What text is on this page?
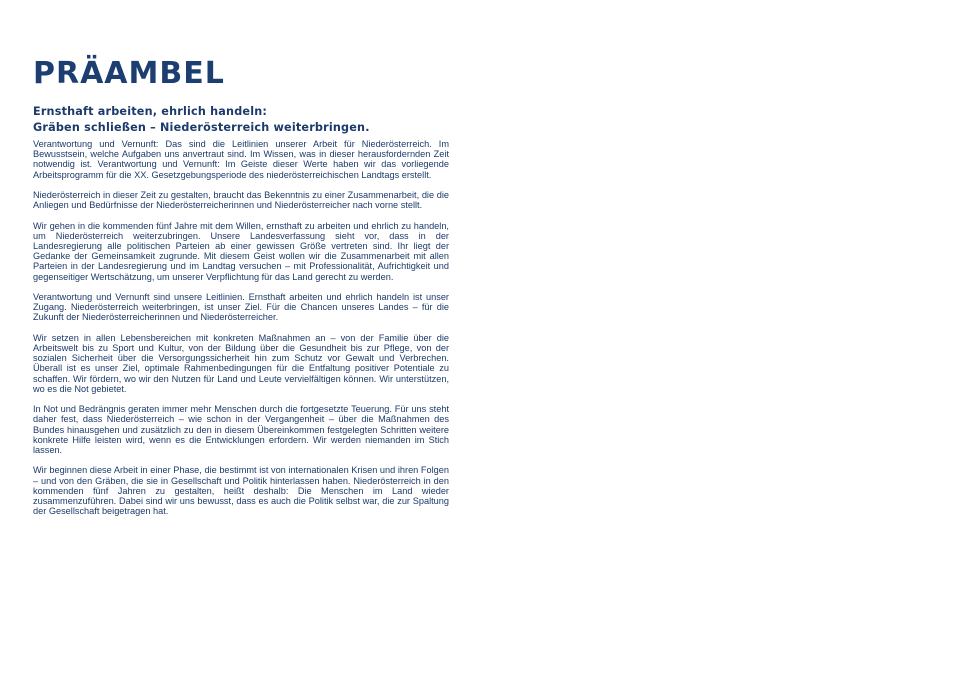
PRÄAMBEL

Ernsthaft arbeiten, ehrlich handeln:

Gräben schließen – Niederösterreich weiterbringen.

Verantwortung und Vernunft: Das sind die Leitlinien unserer Arbeit für Niederösterreich. Im Bewusstsein, welche Aufgaben uns anvertraut sind. Im Wissen, was in dieser herausfordernden Zeit notwendig ist. Verantwortung und Vernunft: Im Geiste dieser Werte haben wir das vorliegende Arbeitsprogramm für die XX. Gesetzgebungsperiode des niederösterreichischen Landtags erstellt.

Niederösterreich in dieser Zeit zu gestalten, braucht das Bekenntnis zu einer Zusammenarbeit, die die Anliegen und Bedürfnisse der Niederösterreicherinnen und Niederösterreicher nach vorne stellt.

Wir gehen in die kommenden fünf Jahre mit dem Willen, ernsthaft zu arbeiten und ehrlich zu handeln, um Niederösterreich weiterzubringen. Unsere Landesverfassung sieht vor, dass in der Landesregierung alle politischen Parteien ab einer gewissen Größe vertreten sind. Ihr liegt der Gedanke der Gemeinsamkeit zugrunde. Mit diesem Geist wollen wir die Zusammenarbeit mit allen Parteien in der Landesregierung und im Landtag versuchen – mit Professionalität, Aufrichtigkeit und gegenseitiger Wertschätzung, um unserer Verpflichtung für das Land gerecht zu werden.

Verantwortung und Vernunft sind unsere Leitlinien. Ernsthaft arbeiten und ehrlich handeln ist unser Zugang. Niederösterreich weiterbringen, ist unser Ziel. Für die Chancen unseres Landes – für die Zukunft der Niederösterreicherinnen und Niederösterreicher.

Wir setzen in allen Lebensbereichen mit konkreten Maßnahmen an – von der Familie über die Arbeitswelt bis zu Sport und Kultur, von der Bildung über die Gesundheit bis zur Pflege, von der sozialen Sicherheit über die Versorgungssicherheit hin zum Schutz vor Gewalt und Verbrechen. Überall ist es unser Ziel, optimale Rahmenbedingungen für die Entfaltung positiver Potentiale zu schaffen. Wir fördern, wo wir den Nutzen für Land und Leute vervielfältigen können. Wir unterstützen, wo es die Not gebietet.

In Not und Bedrängnis geraten immer mehr Menschen durch die fortgesetzte Teuerung. Für uns steht daher fest, dass Niederösterreich – wie schon in der Vergangenheit – über die Maßnahmen des Bundes hinausgehen und zusätzlich zu den in diesem Übereinkommen festgelegten Schritten weitere konkrete Hilfe leisten wird, wenn es die Entwicklungen erfordern. Wir werden niemanden im Stich lassen.

Wir beginnen diese Arbeit in einer Phase, die bestimmt ist von internationalen Krisen und ihren Folgen – und von den Gräben, die sie in Gesellschaft und Politik hinterlassen haben. Niederösterreich in den kommenden fünf Jahren zu gestalten, heißt deshalb: Die Menschen im Land wieder zusammenzuführen. Dabei sind wir uns bewusst, dass es auch die Politik selbst war, die zur Spaltung der Gesellschaft beigetragen hat.
